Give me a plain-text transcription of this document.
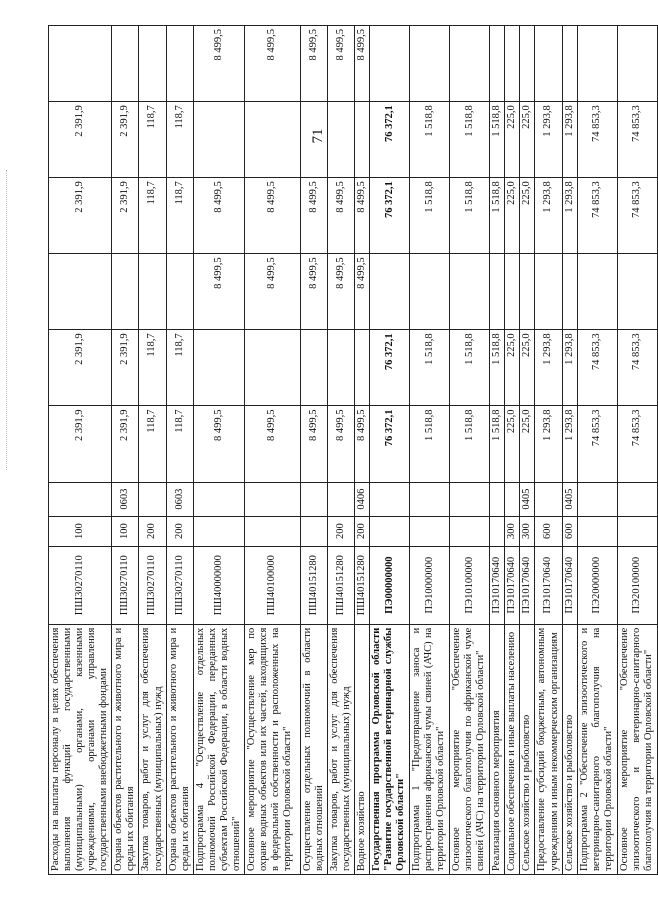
71
Расходы на выплаты персоналу в целях обеспечения выполнения функций государственными (муниципальными) органами, казенными учреждениями, органами управления государственными внебюджетными фондами	ПШ30270110	100		2 391,9	2 391,9		2 391,9	2 391,9	
Охрана объектов растительного и животного мира и среды их обитания	ПШ30270110	100	0603	2 391,9	2 391,9		2 391,9	2 391,9	
Закупка товаров, работ и услуг для обеспечения государственных (муниципальных) нужд	ПШ30270110	200		118,7	118,7		118,7	118,7	
Охрана объектов растительного и животного мира и среды их обитания	ПШ30270110	200	0603	118,7	118,7		118,7	118,7	
Подпрограмма 4 "Осуществление отдельных полномочий Российской Федерации, переданных субъектам Российской Федерации, в области водных отношений"	ПШ40000000			8 499,5		8 499,5	8 499,5		8 499,5
Основное мероприятие "Осуществление мер по охране водных объектов или их частей, находящихся в федеральной собственности и расположенных на территории Орловской области"	ПШ40100000			8 499,5		8 499,5	8 499,5		8 499,5
Осуществление отдельных полномочий в области водных отношений	ПШ40151280			8 499,5		8 499,5	8 499,5		8 499,5
Закупка товаров, работ и услуг для обеспечения государственных (муниципальных) нужд	ПШ40151280	200		8 499,5		8 499,5	8 499,5		8 499,5
Водное хозяйство	ПШ40151280	200	0406	8 499,5		8 499,5	8 499,5		8 499,5
Государственная программа Орловской области "Развитие государственной ветеринарной службы Орловской области"	ПЭ00000000			76 372,1	76 372,1		76 372,1	76 372,1	
Подпрограмма 1 "Предотвращение заноса и распространения африканской чумы свиней (АЧС) на территории Орловской области"	ПЭ10000000			1 518,8	1 518,8		1 518,8	1 518,8	
Основное мероприятие "Обеспечение эпизоотического благополучия по африканской чуме свиней (АЧС) на территории Орловской области"	ПЭ10100000			1 518,8	1 518,8		1 518,8	1 518,8	
Реализация основного мероприятия	ПЭ10170640			1 518,8	1 518,8		1 518,8	1 518,8	
Социальное обеспечение и иные выплаты населению	ПЭ10170640	300		225,0	225,0		225,0	225,0	
Сельское хозяйство и рыболовство	ПЭ10170640	300	0405	225,0	225,0		225,0	225,0	
Предоставление субсидий бюджетным, автономным учреждениям и иным некоммерческим организациям	ПЭ10170640	600		1 293,8	1 293,8		1 293,8	1 293,8	
Сельское хозяйство и рыболовство	ПЭ10170640	600	0405	1 293,8	1 293,8		1 293,8	1 293,8	
Подпрограмма 2 "Обеспечение эпизоотического и ветеринарно-санитарного благополучия на территории Орловской области"	ПЭ20000000			74 853,3	74 853,3		74 853,3	74 853,3	
Основное мероприятие "Обеспечение эпизоотического и ветеринарно-санитарного благополучия на территории Орловской области"	ПЭ20100000			74 853,3	74 853,3		74 853,3	74 853,3	
